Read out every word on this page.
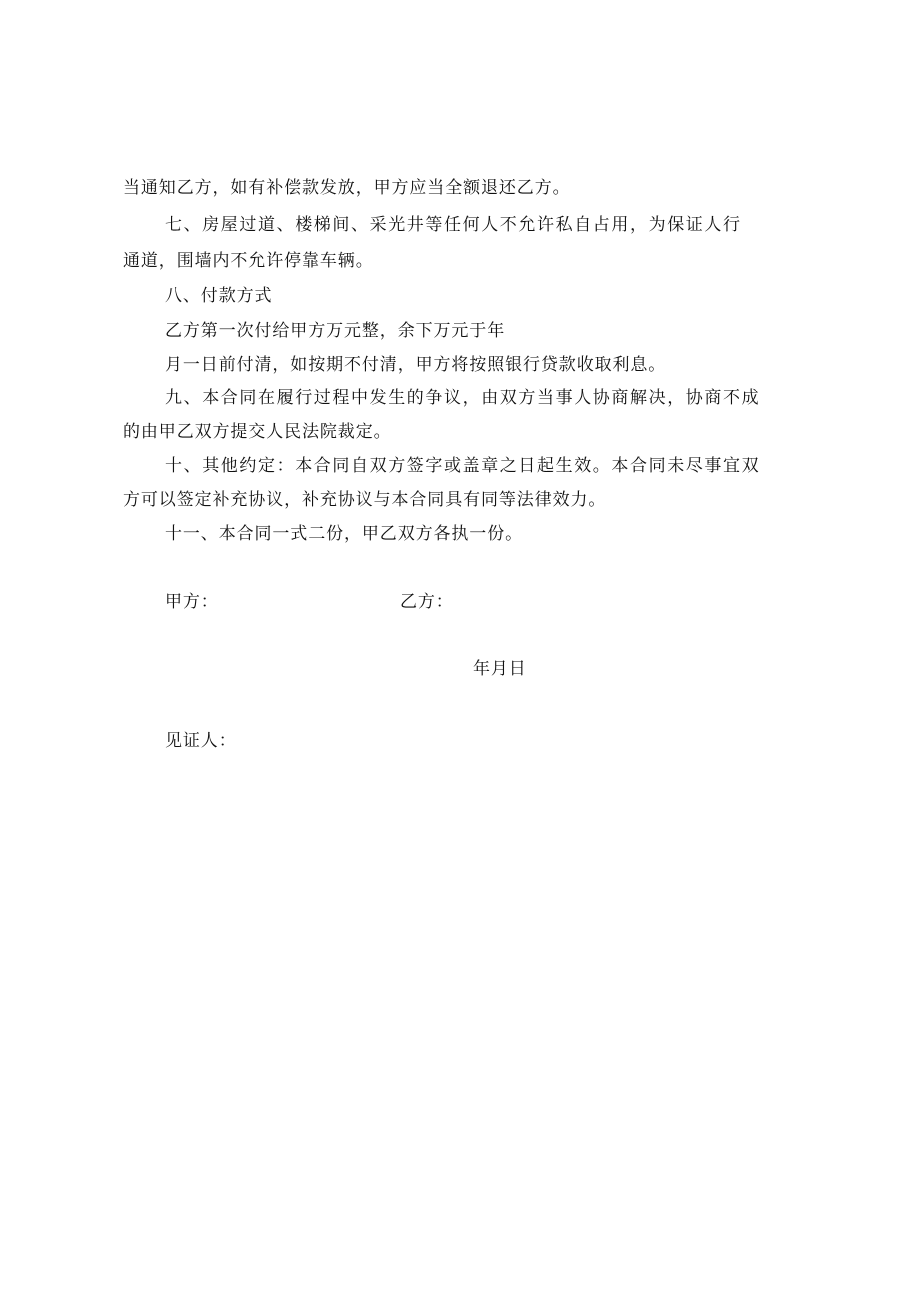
当通知乙方，如有补偿款发放，甲方应当全额退还乙方。
七、房屋过道、楼梯间、采光井等任何人不允许私自占用，为保证人行
通道，围墙内不允许停靠车辆。
八、付款方式
乙方第一次付给甲方万元整，余下万元于年
月一日前付清，如按期不付清，甲方将按照银行贷款收取利息。
九、本合同在履行过程中发生的争议，由双方当事人协商解决，协商不成
的由甲乙双方提交人民法院裁定。
十、其他约定：本合同自双方签字或盖章之日起生效。本合同未尽事宜双
方可以签定补充协议，补充协议与本合同具有同等法律效力。
十一、本合同一式二份，甲乙双方各执一份。
甲方：	乙方：
年月日
见证人：
